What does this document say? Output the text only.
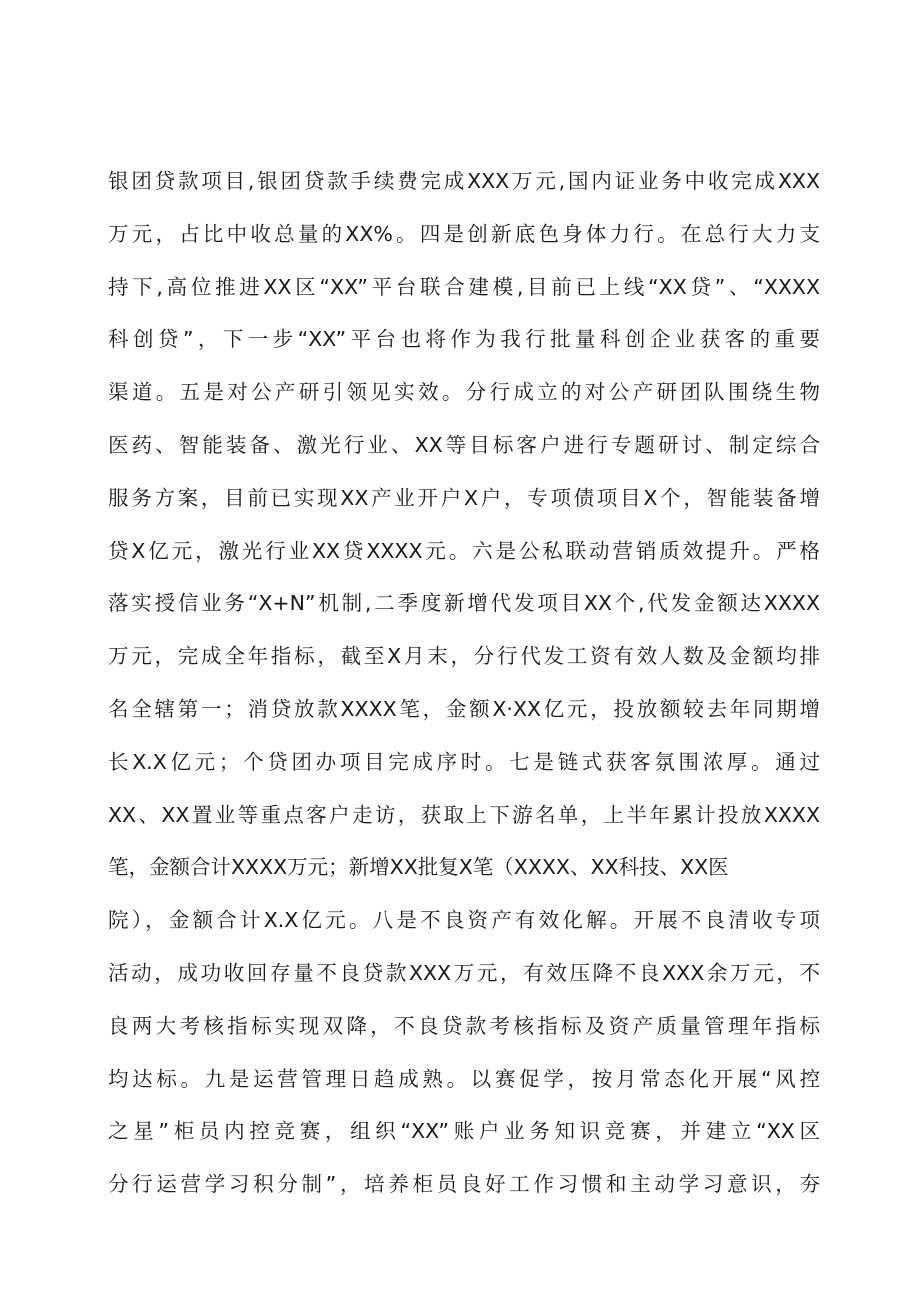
银团贷款项目,银团贷款手续费完成XXX万元,国内证业务中收完成XXX
万元，占比中收总量的XX%。四是创新底色身体力行。在总行大力支
持下,高位推进XX区“XX”平台联合建模,目前已上线“XX贷”、“XXXX
科创贷”，下一步“XX”平台也将作为我行批量科创企业获客的重要
渠道。五是对公产研引领见实效。分行成立的对公产研团队围绕生物
医药、智能装备、激光行业、XX等目标客户进行专题研讨、制定综合
服务方案，目前已实现XX产业开户X户，专项债项目X个，智能装备增
贷X亿元，激光行业XX贷XXXX元。六是公私联动营销质效提升。严格
落实授信业务“X+N”机制,二季度新增代发项目XX个,代发金额达XXXX
万元，完成全年指标，截至X月末，分行代发工资有效人数及金额均排
名全辖第一；消贷放款XXXX笔，金额X·XX亿元，投放额较去年同期增
长X.X亿元；个贷团办项目完成序时。七是链式获客氛围浓厚。通过
XX、XX置业等重点客户走访，获取上下游名单，上半年累计投放XXXX
笔，金额合计XXXX万元；新增XX批复X笔（XXXX、XX科技、XX医
院），金额合计X.X亿元。八是不良资产有效化解。开展不良清收专项
活动，成功收回存量不良贷款XXX万元，有效压降不良XXX余万元，不
良两大考核指标实现双降，不良贷款考核指标及资产质量管理年指标
均达标。九是运营管理日趋成熟。以赛促学，按月常态化开展“风控
之星”柜员内控竞赛，组织“XX”账户业务知识竞赛，并建立“XX区
分行运营学习积分制”，培养柜员良好工作习惯和主动学习意识，夯
